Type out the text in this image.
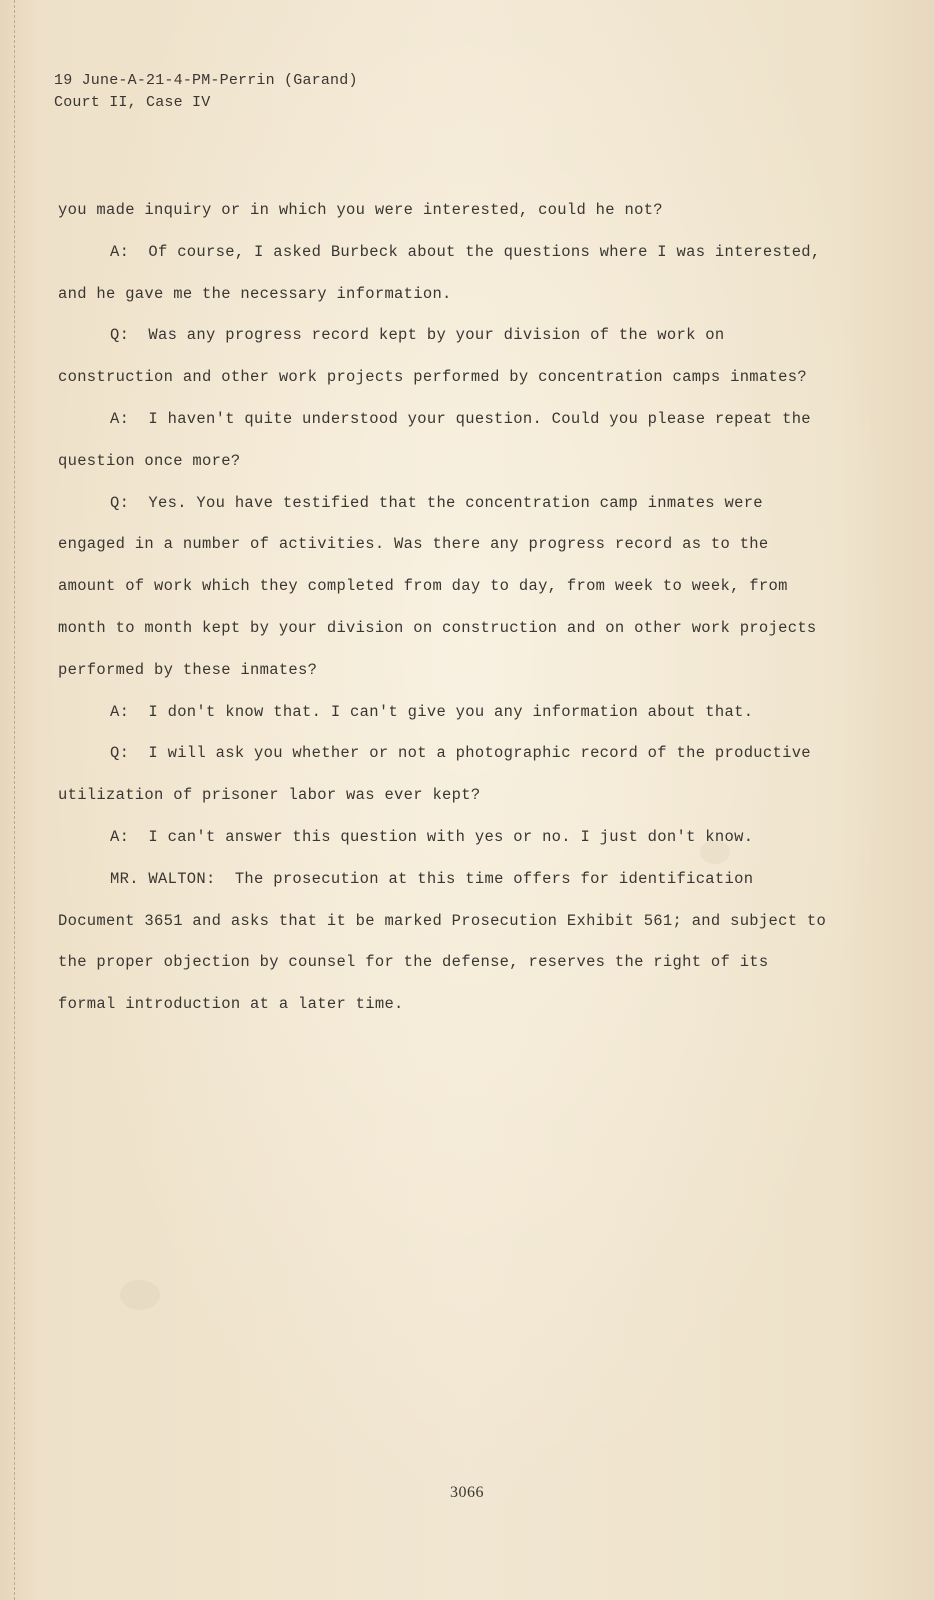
19 June-A-21-4-PM-Perrin (Garand)
Court II, Case IV

you made inquiry or in which you were interested, could he not?

A: Of course, I asked Burbeck about the questions where I was interested, and he gave me the necessary information.

Q: Was any progress record kept by your division of the work on construction and other work projects performed by concentration camps inmates?

A: I haven't quite understood your question. Could you please repeat the question once more?

Q: Yes. You have testified that the concentration camp inmates were engaged in a number of activities. Was there any progress record as to the amount of work which they completed from day to day, from week to week, from month to month kept by your division on construction and on other work projects performed by these inmates?

A: I don't know that. I can't give you any information about that.

Q: I will ask you whether or not a photographic record of the productive utilization of prisoner labor was ever kept?

A: I can't answer this question with yes or no. I just don't know.

MR. WALTON: The prosecution at this time offers for identification Document 3651 and asks that it be marked Prosecution Exhibit 561; and subject to the proper objection by counsel for the defense, reserves the right of its formal introduction at a later time.

3066
